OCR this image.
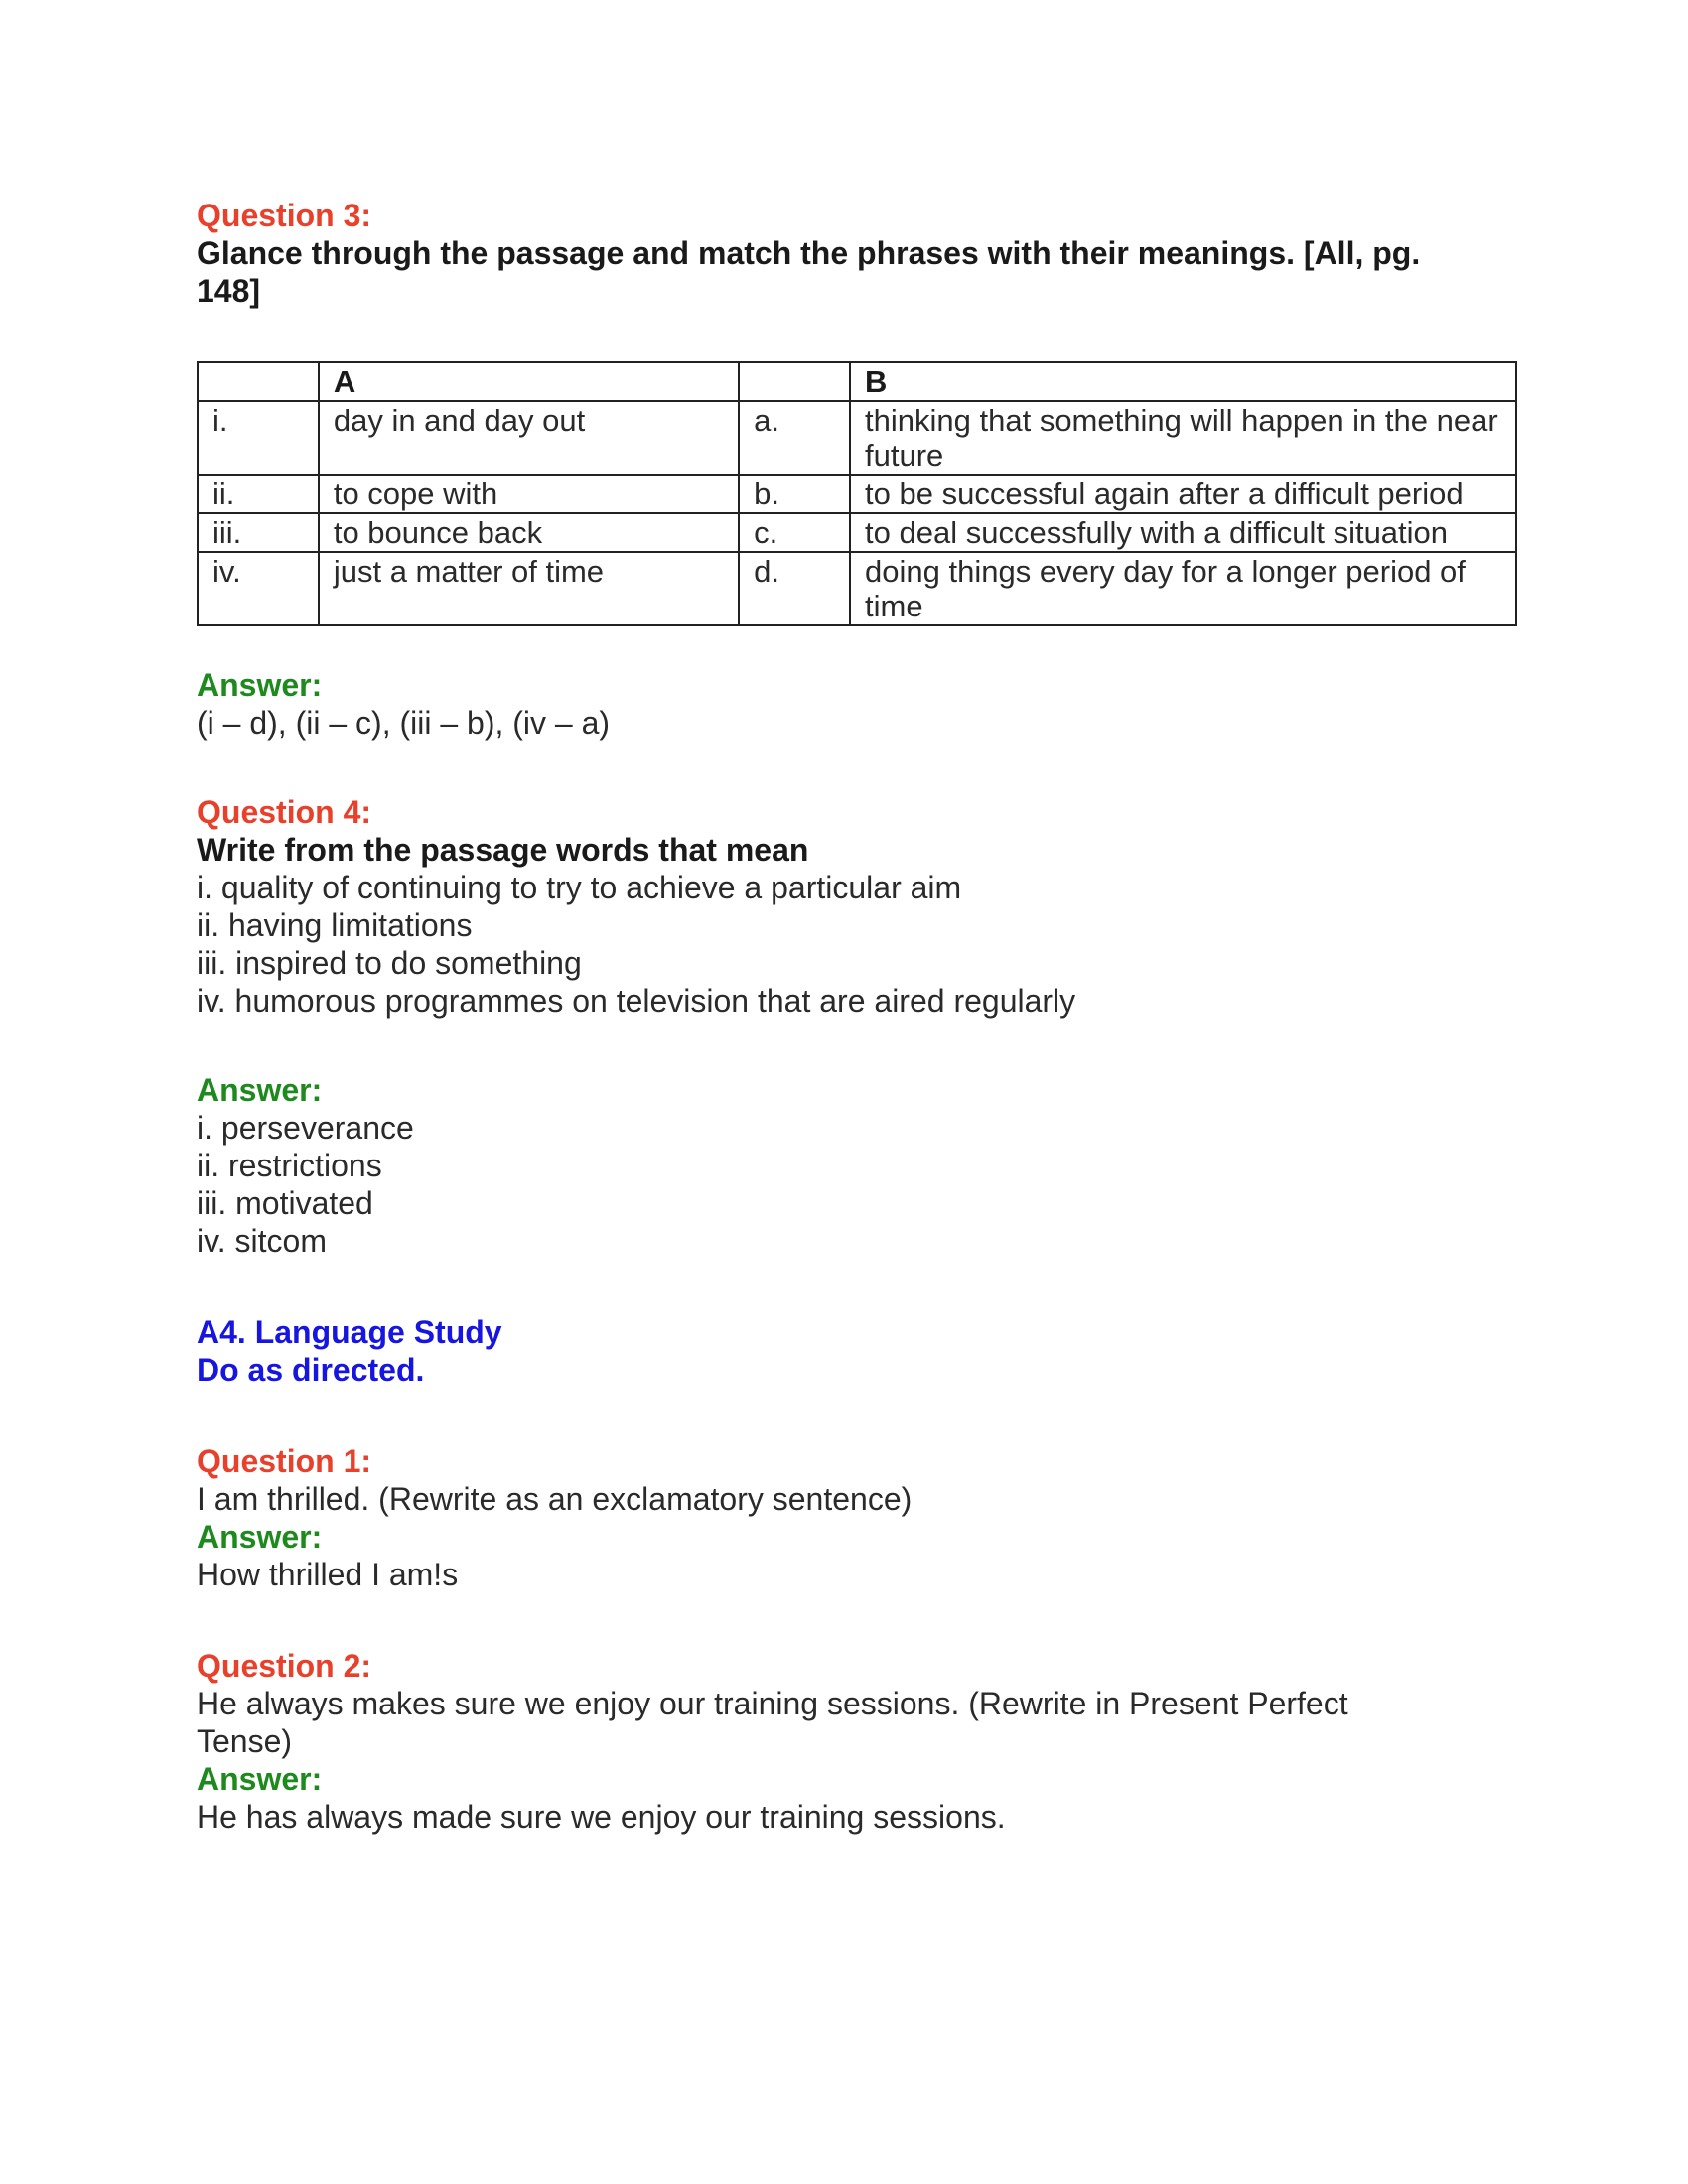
Question 3:

Glance through the passage and match the phrases with their meanings. [All, pg.

148]

	A		B
i.	day in and day out	a.	thinking that something will happen in the near future
ii.	to cope with	b.	to be successful again after a difficult period
iii.	to bounce back	c.	to deal successfully with a difficult situation
iv.	just a matter of time	d.	doing things every day for a longer period of time

Answer:

(i – d), (ii – c), (iii – b), (iv – a)

Question 4:

Write from the passage words that mean

i. quality of continuing to try to achieve a particular aim

ii. having limitations

iii. inspired to do something

iv. humorous programmes on television that are aired regularly

Answer:

i. perseverance

ii. restrictions

iii. motivated

iv. sitcom

A4. Language Study

Do as directed.

Question 1:

I am thrilled. (Rewrite as an exclamatory sentence)

Answer:

How thrilled I am!s

Question 2:

He always makes sure we enjoy our training sessions. (Rewrite in Present Perfect

Tense)

Answer:

He has always made sure we enjoy our training sessions.
